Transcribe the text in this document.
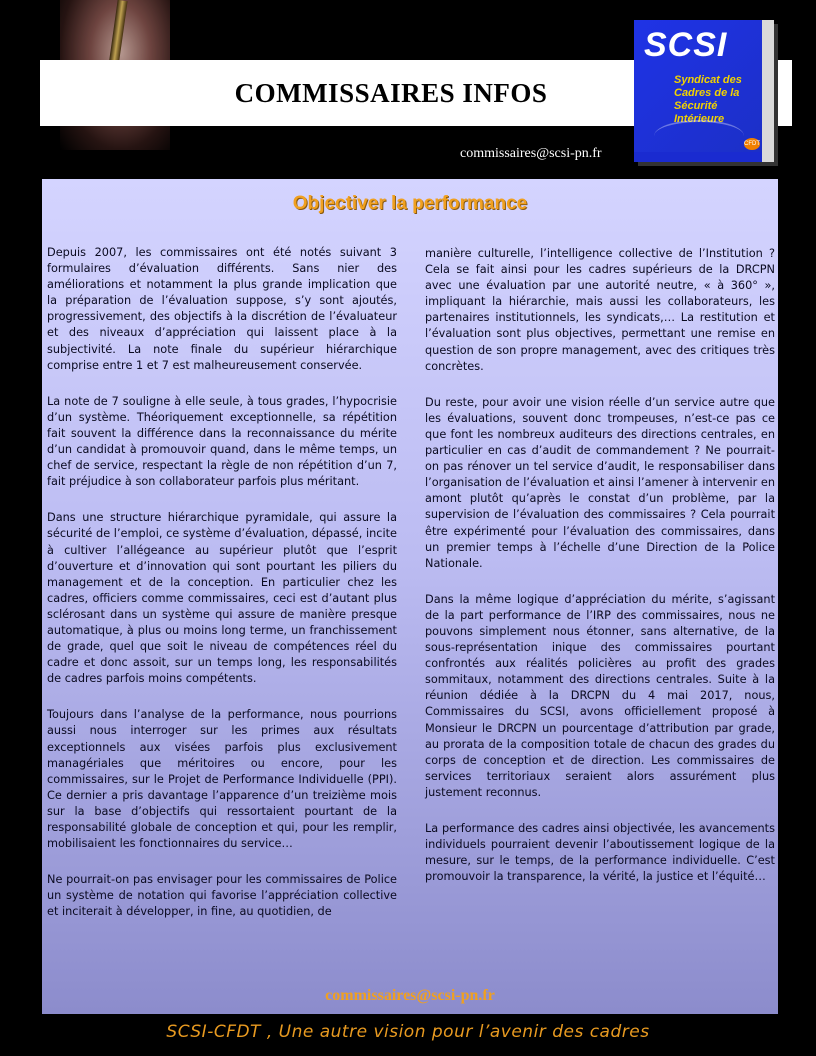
COMMISSAIRES INFOS
SCSI
Syndicat des Cadres de la Sécurité Intérieure
CFDT
commissaires@scsi-pn.fr
Objectiver la performance

Depuis 2007, les commissaires ont été notés suivant 3 formulaires d’évaluation différents. Sans nier des améliorations et notamment la plus grande implication que la préparation de l’évaluation suppose, s’y sont ajoutés, progressivement, des objectifs à la discrétion de l’évaluateur et des niveaux d’appréciation qui laissent place à la subjectivité. La note finale du supérieur hiérarchique comprise entre 1 et 7 est malheureusement conservée.

La note de 7 souligne à elle seule, à tous grades, l’hypocrisie d’un système. Théoriquement exceptionnelle, sa répétition fait souvent la différence dans la reconnaissance du mérite d’un candidat à promouvoir quand, dans le même temps, un chef de service, respectant la règle de non répétition d’un 7, fait préjudice à son collaborateur parfois plus méritant.

Dans une structure hiérarchique pyramidale, qui assure la sécurité de l’emploi, ce système d’évaluation, dépassé, incite à cultiver l’allégeance au supérieur plutôt que l’esprit d’ouverture et d’innovation qui sont pourtant les piliers du management et de la conception. En particulier chez les cadres, officiers comme commissaires, ceci est d’autant plus sclérosant dans un système qui assure de manière presque automatique, à plus ou moins long terme, un franchissement de grade, quel que soit le niveau de compétences réel du cadre et donc assoit, sur un temps long, les responsabilités de cadres parfois moins compétents.

Toujours dans l’analyse de la performance, nous pourrions aussi nous interroger sur les primes aux résultats exceptionnels aux visées parfois plus exclusivement managériales que méritoires ou encore, pour les commissaires, sur le Projet de Performance Individuelle (PPI). Ce dernier a pris davantage l’apparence d’un treizième mois sur la base d’objectifs qui ressortaient pourtant de la responsabilité globale de conception et qui, pour les remplir, mobilisaient les fonctionnaires du service…

Ne pourrait-on pas envisager pour les commissaires de Police un système de notation qui favorise l’appréciation collective et inciterait à développer, in fine, au quotidien, de

manière culturelle, l’intelligence collective de l’Institution ? Cela se fait ainsi pour les cadres supérieurs de la DRCPN avec une évaluation par une autorité neutre, « à 360° », impliquant la hiérarchie, mais aussi les collaborateurs, les partenaires institutionnels, les syndicats,… La restitution et l’évaluation sont plus objectives, permettant une remise en question de son propre management, avec des critiques très concrètes.

Du reste, pour avoir une vision réelle d’un service autre que les évaluations, souvent donc trompeuses, n’est-ce pas ce que font les nombreux auditeurs des directions centrales, en particulier en cas d’audit de commandement ? Ne pourrait-on pas rénover un tel service d’audit, le responsabiliser dans l’organisation de l’évaluation et ainsi l’amener à intervenir en amont plutôt qu’après le constat d’un problème, par la supervision de l’évaluation des commissaires ? Cela pourrait être expérimenté pour l’évaluation des commissaires, dans un premier temps à l’échelle d’une Direction de la Police Nationale.

Dans la même logique d’appréciation du mérite, s’agissant de la part performance de l’IRP des commissaires, nous ne pouvons simplement nous étonner, sans alternative, de la sous-représentation inique des commissaires pourtant confrontés aux réalités policières au profit des grades sommitaux, notamment des directions centrales. Suite à la réunion dédiée à la DRCPN du 4 mai 2017, nous, Commissaires du SCSI, avons officiellement proposé à Monsieur le DRCPN un pourcentage d’attribution par grade, au prorata de la composition totale de chacun des grades du corps de conception et de direction. Les commissaires de services territoriaux seraient alors assurément plus justement reconnus.

La performance des cadres ainsi objectivée, les avancements individuels pourraient devenir l’aboutissement logique de la mesure, sur le temps, de la performance individuelle. C’est promouvoir la transparence, la vérité, la justice et l’équité…

commissaires@scsi-pn.fr
SCSI-CFDT , Une autre vision pour l’avenir des cadres
